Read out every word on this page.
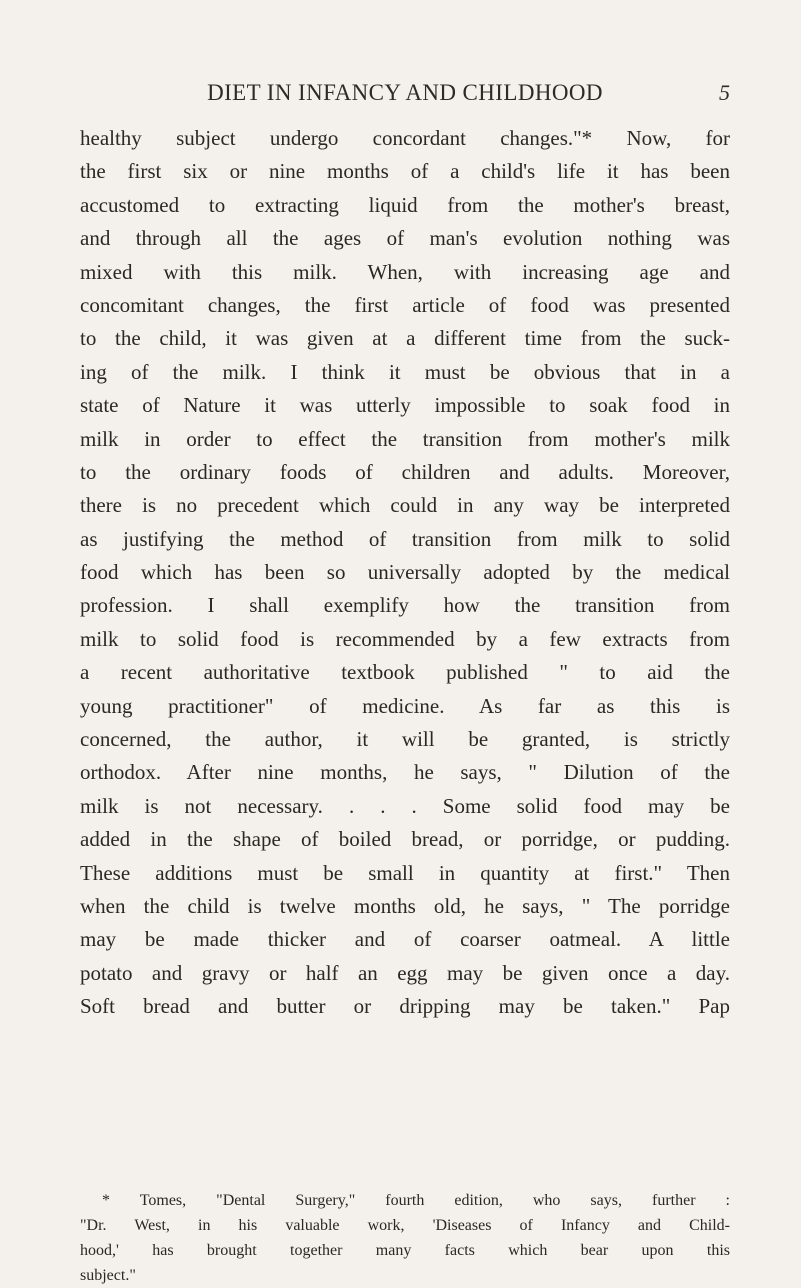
DIET IN INFANCY AND CHILDHOOD	5
healthy subject undergo concordant changes."* Now, for
the first six or nine months of a child's life it has been
accustomed to extracting liquid from the mother's breast,
and through all the ages of man's evolution nothing was
mixed with this milk. When, with increasing age and
concomitant changes, the first article of food was presented
to the child, it was given at a different time from the suck-
ing of the milk. I think it must be obvious that in a
state of Nature it was utterly impossible to soak food in
milk in order to effect the transition from mother's milk
to the ordinary foods of children and adults. Moreover,
there is no precedent which could in any way be interpreted
as justifying the method of transition from milk to solid
food which has been so universally adopted by the medical
profession. I shall exemplify how the transition from
milk to solid food is recommended by a few extracts from
a recent authoritative textbook published " to aid the
young practitioner" of medicine. As far as this is
concerned, the author, it will be granted, is strictly
orthodox. After nine months, he says, " Dilution of the
milk is not necessary. . . . Some solid food may be
added in the shape of boiled bread, or porridge, or pudding.
These additions must be small in quantity at first." Then
when the child is twelve months old, he says, " The porridge
may be made thicker and of coarser oatmeal. A little
potato and gravy or half an egg may be given once a day.
Soft bread and butter or dripping may be taken." Pap
* Tomes, "Dental Surgery," fourth edition, who says, further :
"Dr. West, in his valuable work, 'Diseases of Infancy and Child-
hood,' has brought together many facts which bear upon this
subject."
